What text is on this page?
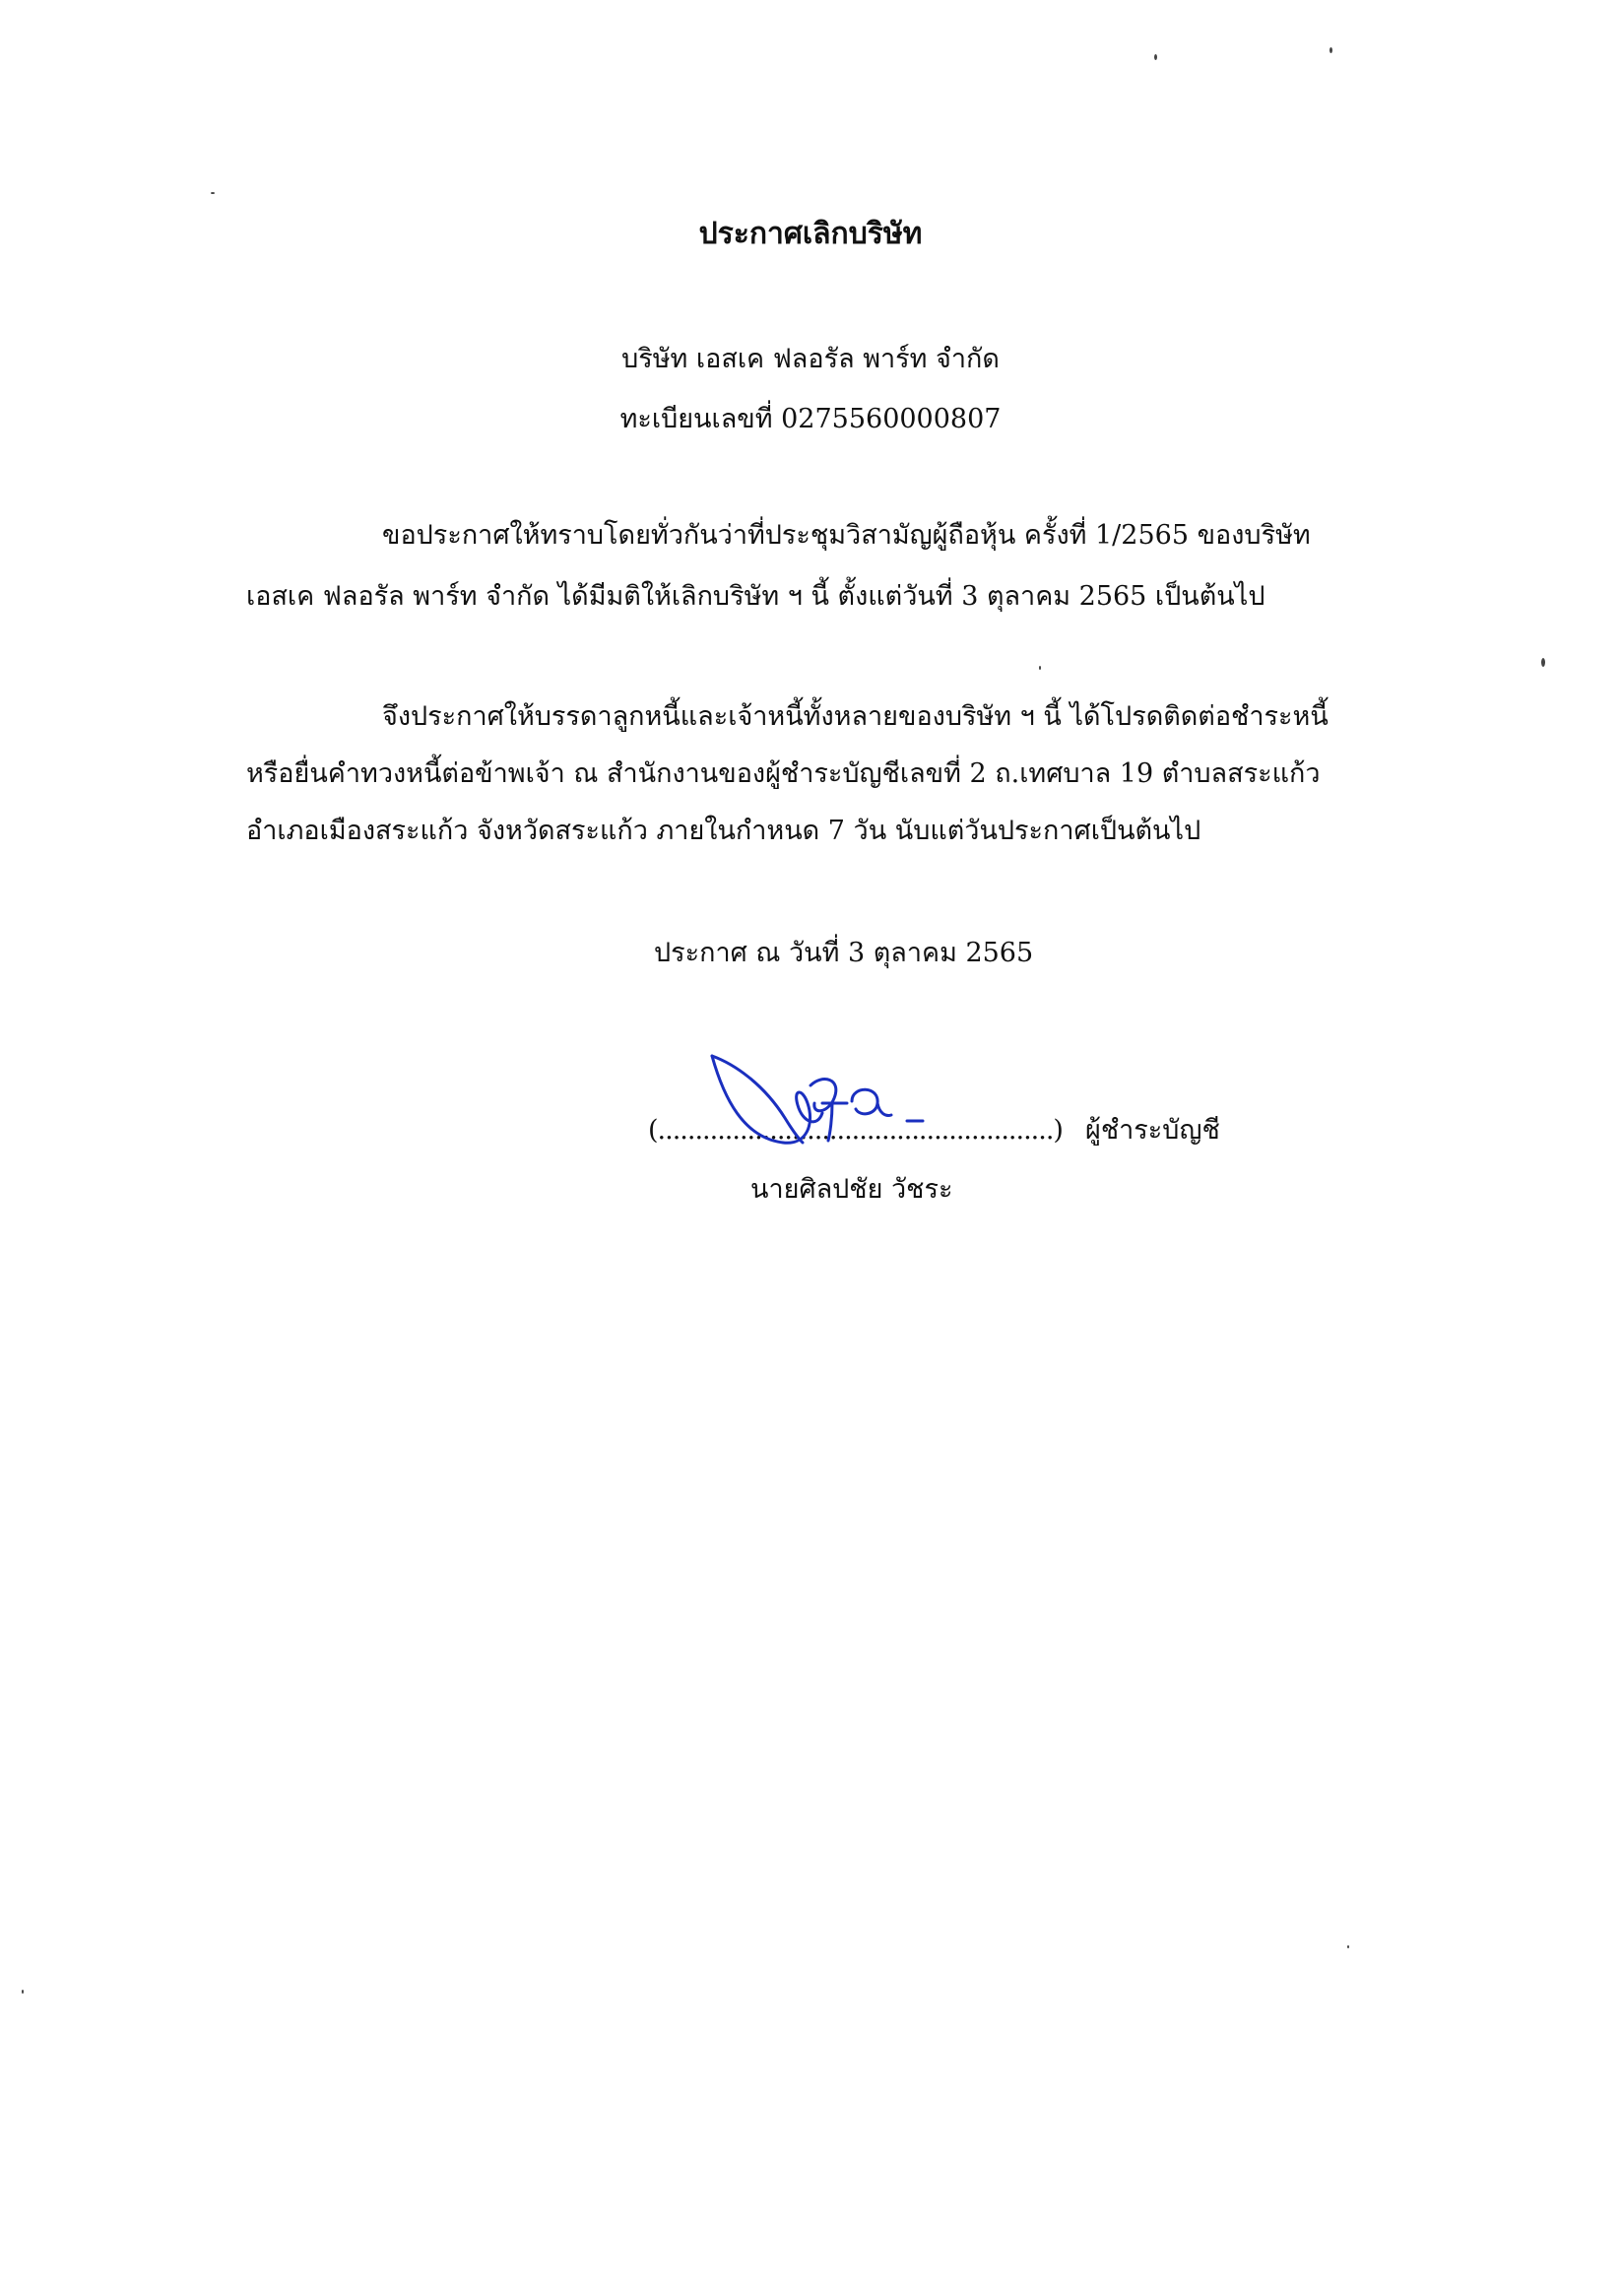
ประกาศเลิกบริษัท
บริษัท เอสเค ฟลอรัล พาร์ท จำกัด
ทะเบียนเลขที่ 0275560000807
ขอประกาศให้ทราบโดยทั่วกันว่าที่ประชุมวิสามัญผู้ถือหุ้น ครั้งที่ 1/2565 ของบริษัท
เอสเค ฟลอรัล พาร์ท จำกัด ได้มีมติให้เลิกบริษัท ฯ นี้ ตั้งแต่วันที่ 3 ตุลาคม 2565 เป็นต้นไป
จึงประกาศให้บรรดาลูกหนี้และเจ้าหนี้ทั้งหลายของบริษัท ฯ นี้ ได้โปรดติดต่อชำระหนี้
หรือยื่นคำทวงหนี้ต่อข้าพเจ้า ณ สำนักงานของผู้ชำระบัญชีเลขที่ 2 ถ.เทศบาล 19 ตำบลสระแก้ว
อำเภอเมืองสระแก้ว จังหวัดสระแก้ว ภายในกำหนด 7 วัน นับแต่วันประกาศเป็นต้นไป
ประกาศ ณ วันที่ 3 ตุลาคม 2565
(.....................................................) ผู้ชำระบัญชี
นายศิลปชัย วัชระ
